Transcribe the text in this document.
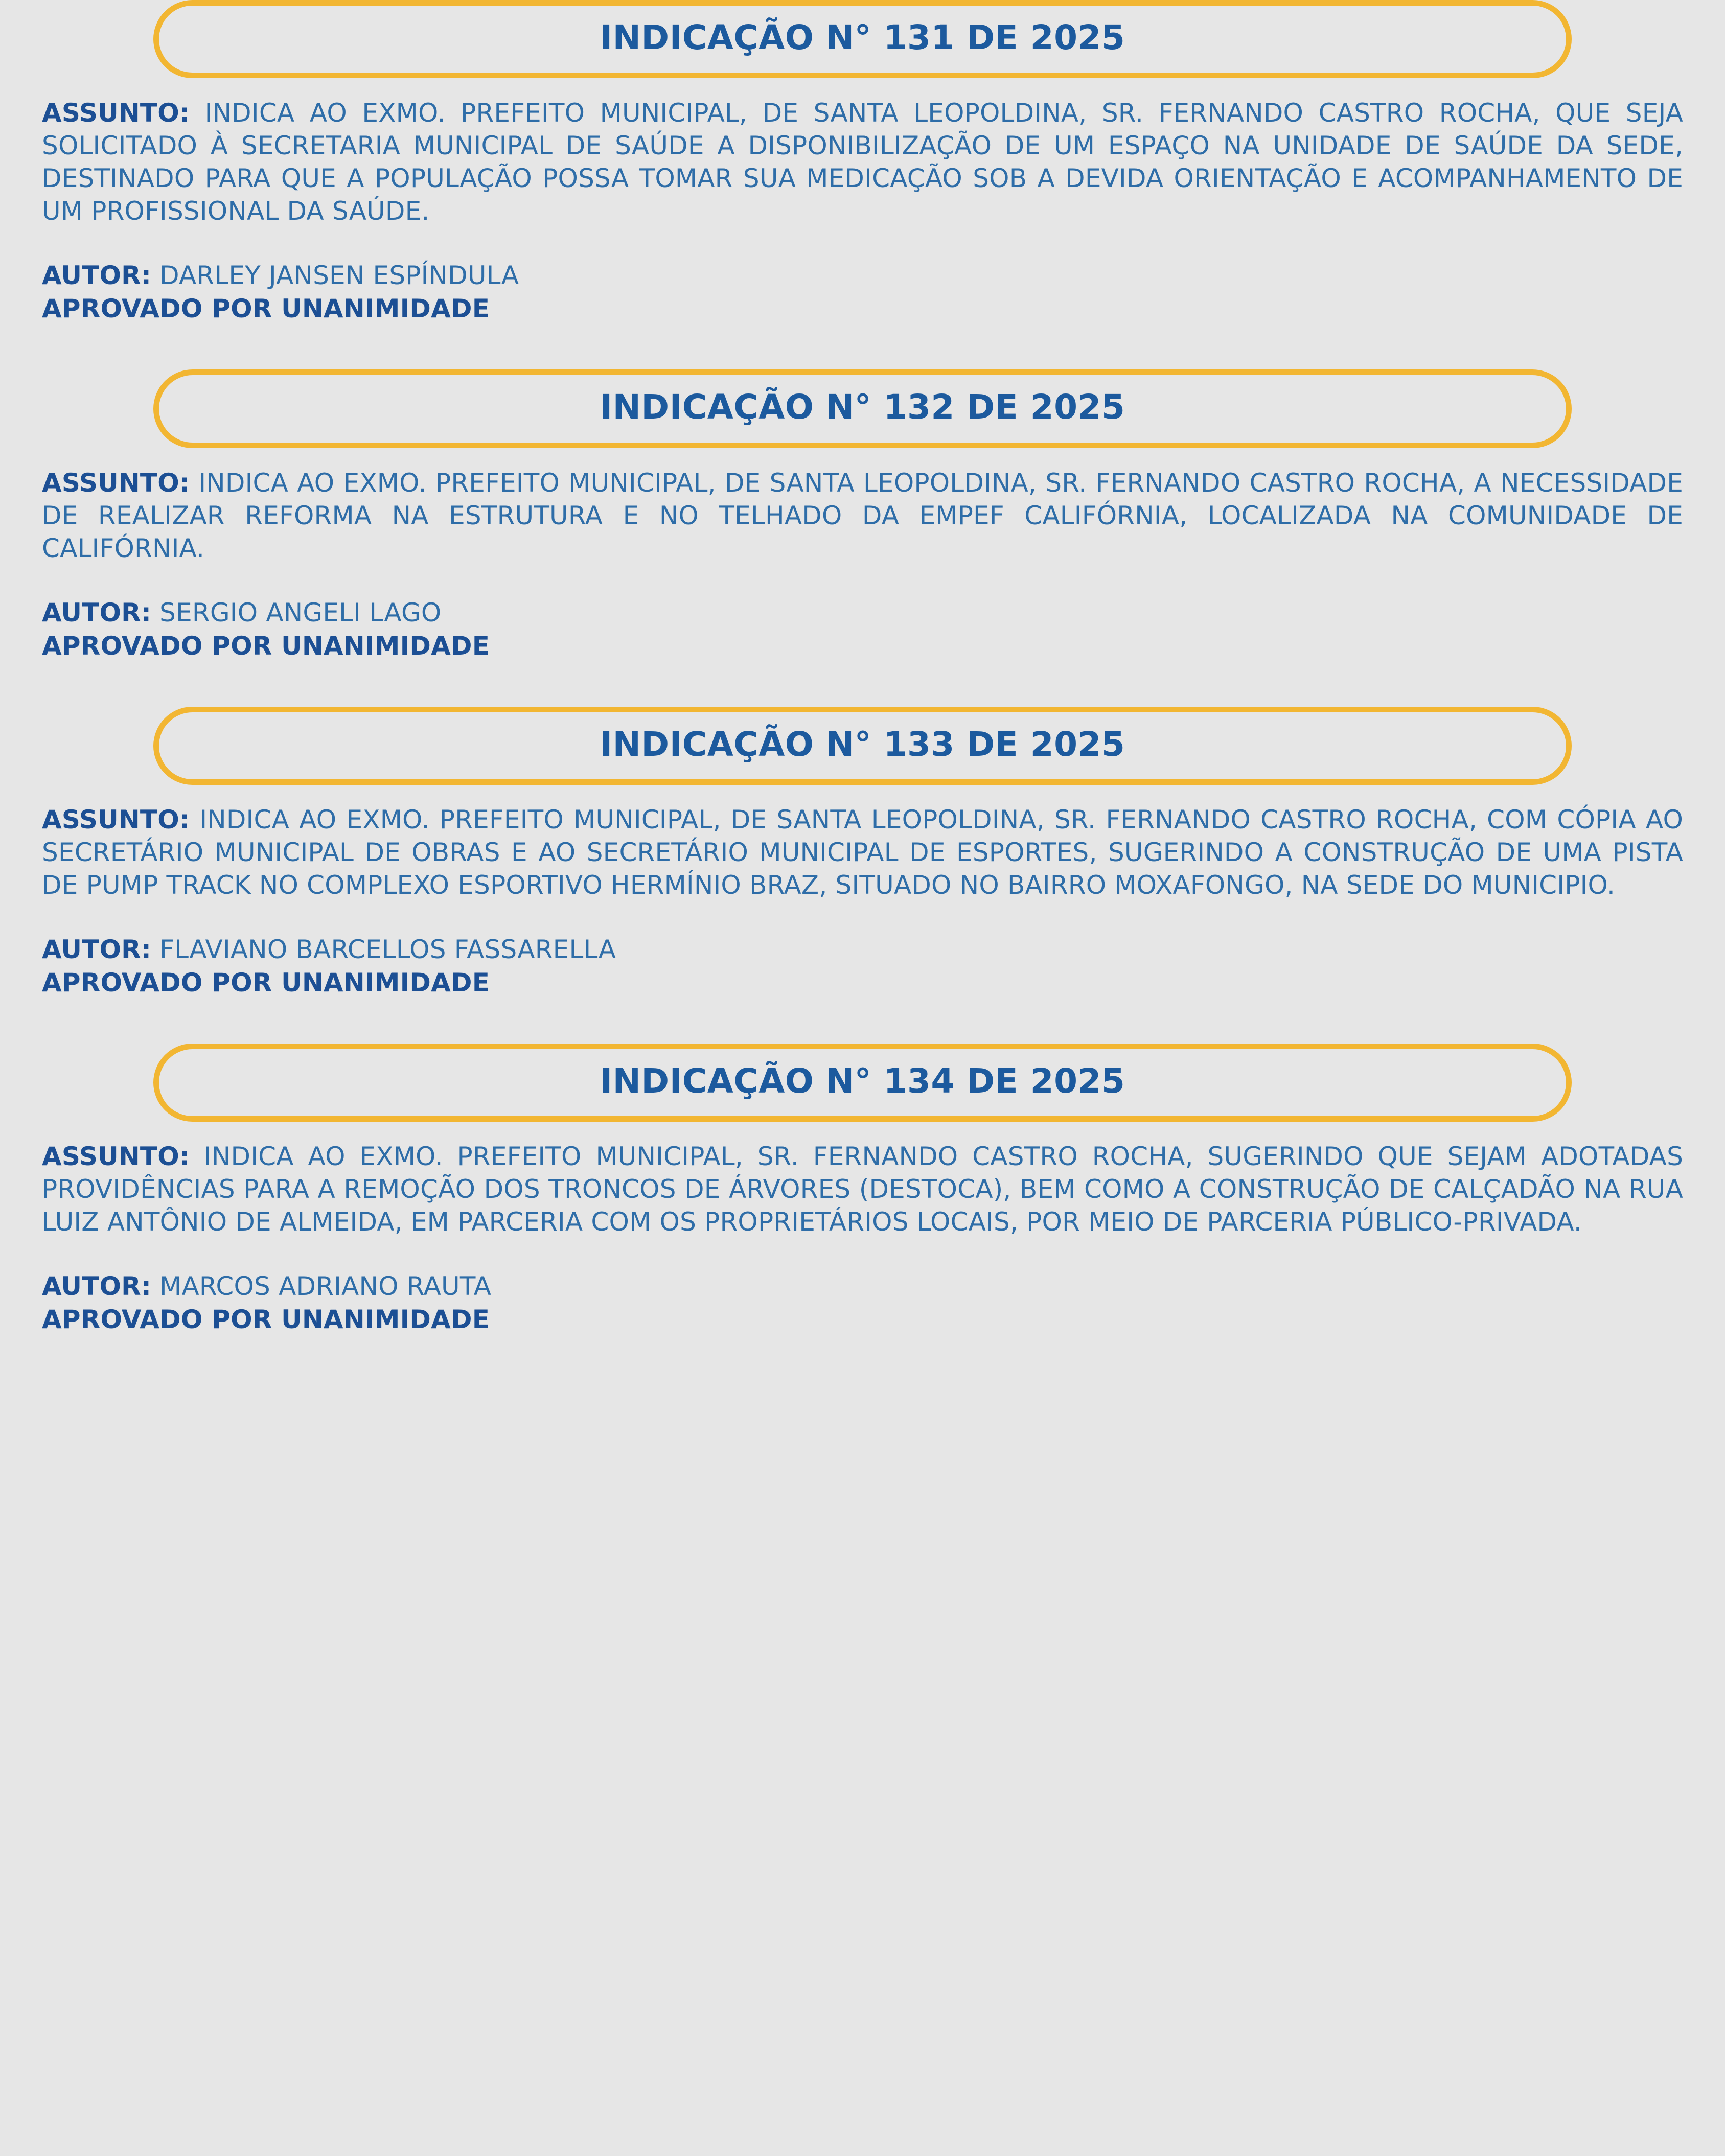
INDICAÇÃO N° 131 DE 2025

ASSUNTO: INDICA AO EXMO. PREFEITO MUNICIPAL, DE SANTA LEOPOLDINA, SR. FERNANDO CASTRO ROCHA, QUE SEJA SOLICITADO À SECRETARIA MUNICIPAL DE SAÚDE A DISPONIBILIZAÇÃO DE UM ESPAÇO NA UNIDADE DE SAÚDE DA SEDE, DESTINADO PARA QUE A POPULAÇÃO POSSA TOMAR SUA MEDICAÇÃO SOB A DEVIDA ORIENTAÇÃO E ACOMPANHAMENTO DE UM PROFISSIONAL DA SAÚDE.

AUTOR: DARLEY JANSEN ESPÍNDULA

APROVADO POR UNANIMIDADE

INDICAÇÃO N° 132 DE 2025

ASSUNTO: INDICA AO EXMO. PREFEITO MUNICIPAL, DE SANTA LEOPOLDINA, SR. FERNANDO CASTRO ROCHA, A NECESSIDADE DE REALIZAR REFORMA NA ESTRUTURA E NO TELHADO DA EMPEF CALIFÓRNIA, LOCALIZADA NA COMUNIDADE DE CALIFÓRNIA.

AUTOR: SERGIO ANGELI LAGO

APROVADO POR UNANIMIDADE

INDICAÇÃO N° 133 DE 2025

ASSUNTO: INDICA AO EXMO. PREFEITO MUNICIPAL, DE SANTA LEOPOLDINA, SR. FERNANDO CASTRO ROCHA, COM CÓPIA AO SECRETÁRIO MUNICIPAL DE OBRAS E AO SECRETÁRIO MUNICIPAL DE ESPORTES, SUGERINDO A CONSTRUÇÃO DE UMA PISTA DE PUMP TRACK NO COMPLEXO ESPORTIVO HERMÍNIO BRAZ, SITUADO NO BAIRRO MOXAFONGO, NA SEDE DO MUNICIPIO.

AUTOR: FLAVIANO BARCELLOS FASSARELLA

APROVADO POR UNANIMIDADE

INDICAÇÃO N° 134 DE 2025

ASSUNTO: INDICA AO EXMO. PREFEITO MUNICIPAL, SR. FERNANDO CASTRO ROCHA, SUGERINDO QUE SEJAM ADOTADAS PROVIDÊNCIAS PARA A REMOÇÃO DOS TRONCOS DE ÁRVORES (DESTOCA), BEM COMO A CONSTRUÇÃO DE CALÇADÃO NA RUA LUIZ ANTÔNIO DE ALMEIDA, EM PARCERIA COM OS PROPRIETÁRIOS LOCAIS, POR MEIO DE PARCERIA PÚBLICO-PRIVADA.

AUTOR: MARCOS ADRIANO RAUTA

APROVADO POR UNANIMIDADE
